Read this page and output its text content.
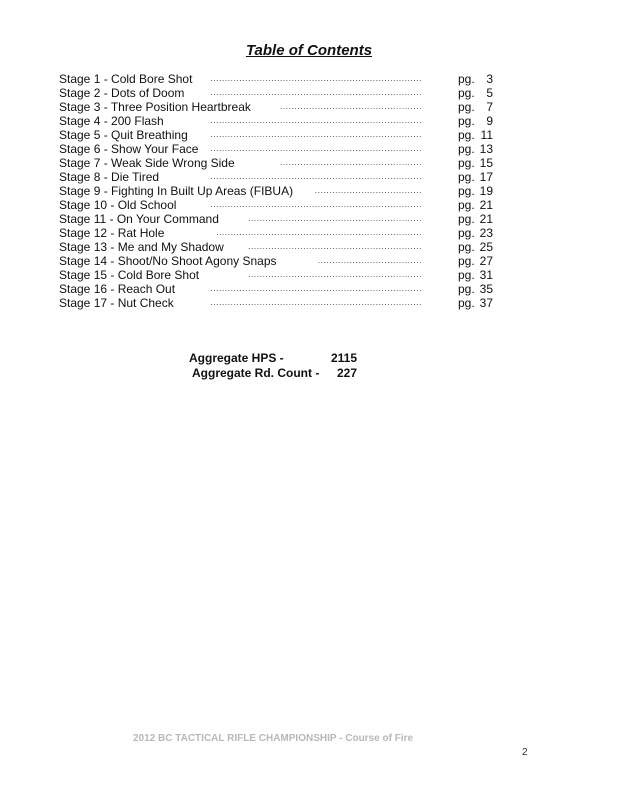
Table of Contents
Stage 1 - Cold Bore Shot	.........................................................................	pg. 3
Stage 2 - Dots of Doom	.........................................................................	pg. 5
Stage 3 - Three Position Heartbreak	.................................................	pg. 7
Stage 4 - 200 Flash	.........................................................................	pg. 9
Stage 5 - Quit Breathing	.........................................................................	pg. 11
Stage 6 - Show Your Face	.........................................................................	pg. 13
Stage 7 - Weak Side Wrong Side	.................................................	pg. 15
Stage 8 - Die Tired	.........................................................................	pg. 17
Stage 9 - Fighting In Built Up Areas (FIBUA) .....................................	pg. 19
Stage 10 - Old School	.........................................................................	pg. 21
Stage 11 - On Your Command	............................................................	pg. 21
Stage 12 - Rat Hole	.......................................................................	pg. 23
Stage 13 - Me and My Shadow	............................................................	pg. 25
Stage 14 - Shoot/No Shoot Agony Snaps	....................................	pg. 27
Stage 15 - Cold Bore Shot	............................................................	pg. 31
Stage 16 - Reach Out	.........................................................................	pg. 35
Stage 17 - Nut Check	.........................................................................	pg. 37
Aggregate HPS -	2115
Aggregate Rd. Count - 227
2012 BC TACTICAL RIFLE CHAMPIONSHIP - Course of Fire
2
